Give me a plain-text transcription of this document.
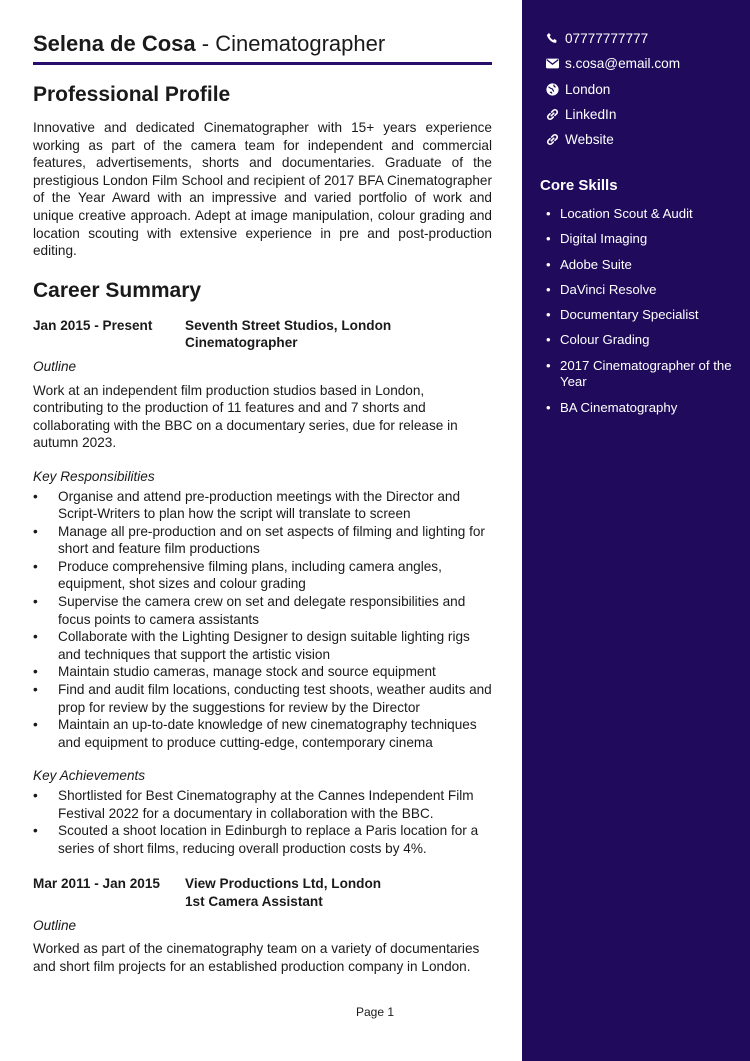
Selena de Cosa - Cinematographer
Professional Profile
Innovative and dedicated Cinematographer with 15+ years experience working as part of the camera team for independent and commercial features, advertisements, shorts and documentaries. Graduate of the prestigious London Film School and recipient of 2017 BFA Cinematographer of the Year Award with an impressive and varied portfolio of work and unique creative approach. Adept at image manipulation, colour grading and location scouting with extensive experience in pre and post-production editing.
Career Summary
Jan 2015 - Present	Seventh Street Studios, London
Cinematographer
Outline
Work at an independent film production studios based in London, contributing to the production of 11 features and and 7 shorts and collaborating with the BBC on a documentary series, due for release in autumn 2023.
Key Responsibilities
• Organise and attend pre-production meetings with the Director and Script-Writers to plan how the script will translate to screen
• Manage all pre-production and on set aspects of filming and lighting for short and feature film productions
• Produce comprehensive filming plans, including camera angles, equipment, shot sizes and colour grading
• Supervise the camera crew on set and delegate responsibilities and focus points to camera assistants
• Collaborate with the Lighting Designer to design suitable lighting rigs and techniques that support the artistic vision
• Maintain studio cameras, manage stock and source equipment
• Find and audit film locations, conducting test shoots, weather audits and prop for review by the suggestions for review by the Director
• Maintain an up-to-date knowledge of new cinematography techniques and equipment to produce cutting-edge, contemporary cinema
Key Achievements
• Shortlisted for Best Cinematography at the Cannes Independent Film Festival 2022 for a documentary in collaboration with the BBC.
• Scouted a shoot location in Edinburgh to replace a Paris location for a series of short films, reducing overall production costs by 4%.
Mar 2011 - Jan 2015	View Productions Ltd, London
1st Camera Assistant
Outline
Worked as part of the cinematography team on a variety of documentaries and short film projects for an established production company in London.
07777777777
s.cosa@email.com
London
LinkedIn
Website
Core Skills
• Location Scout & Audit
• Digital Imaging
• Adobe Suite
• DaVinci Resolve
• Documentary Specialist
• Colour Grading
• 2017 Cinematographer of the Year
• BA Cinematography
Page 1
